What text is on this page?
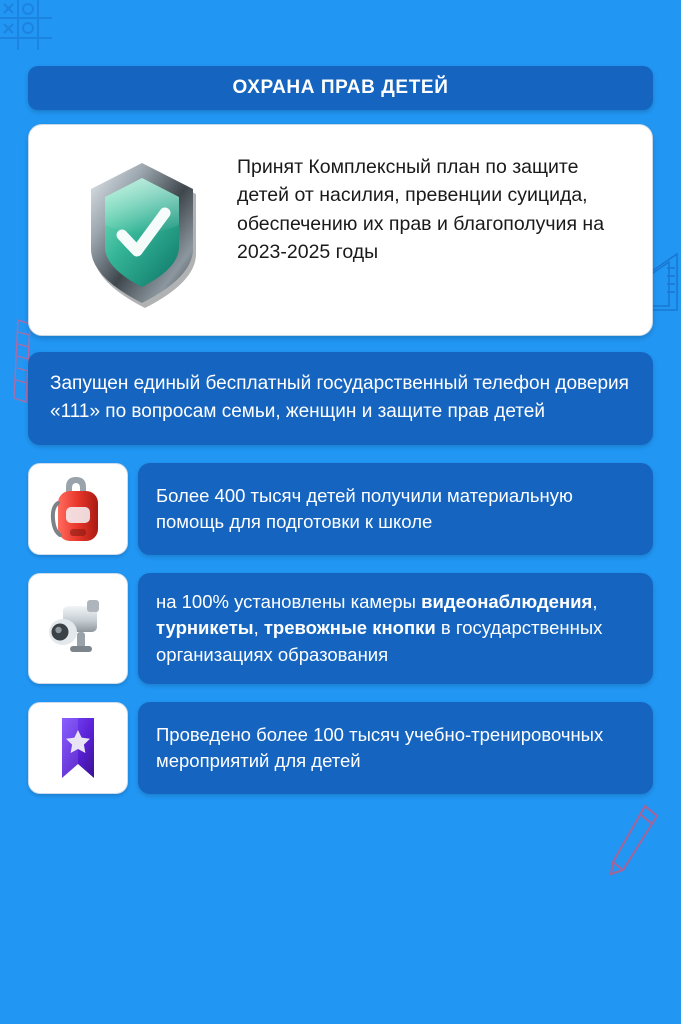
ОХРАНА ПРАВ ДЕТЕЙ
Принят Комплексный план по защите детей от насилия, превенции суицида, обеспечению их прав и благополучия на 2023-2025 годы
Запущен единый бесплатный государственный телефон доверия «111» по вопросам семьи, женщин и защите прав детей
Более 400 тысяч детей получили материальную помощь для подготовки к школе
на 100% установлены камеры видеонаблюдения, турникеты, тревожные кнопки в государственных организациях образования
Проведено более 100 тысяч учебно-тренировочных мероприятий для детей
